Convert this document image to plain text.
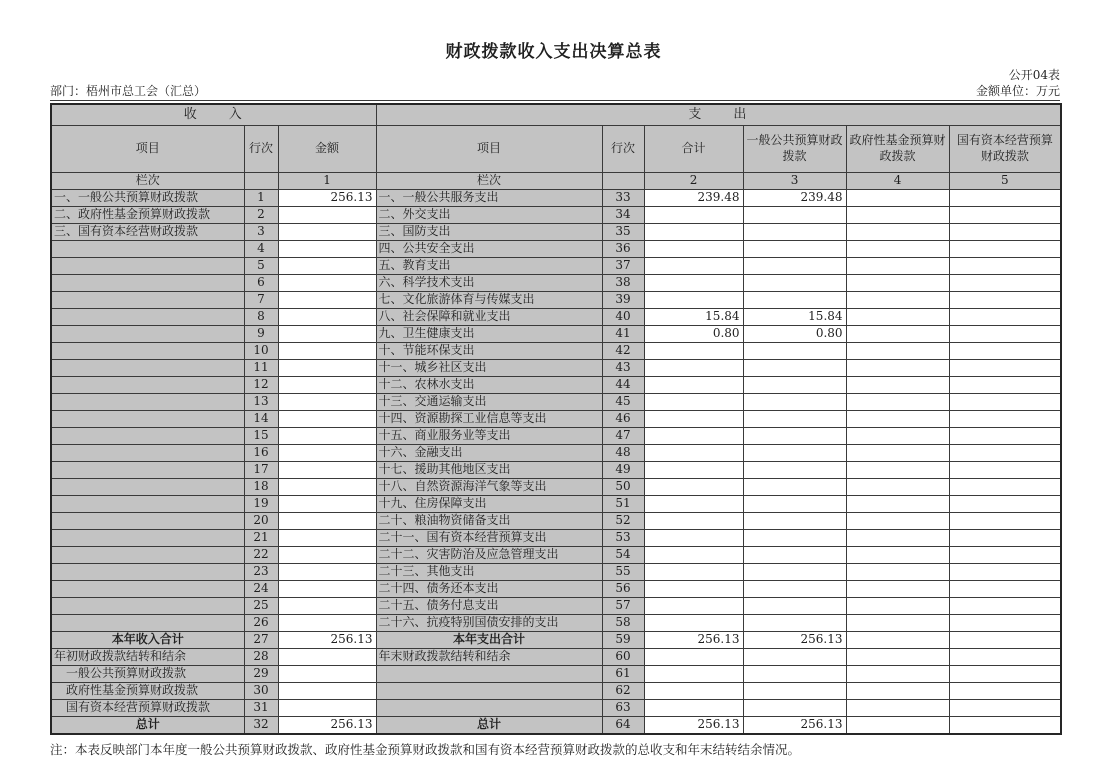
财政拨款收入支出决算总表
公开04表
部门：梧州市总工会（汇总）	金额单位：万元
收　　入			支　　出					
项目	行次	金额	项目	行次	合计	一般公共预算财政拨款	政府性基金预算财政拨款	国有资本经营预算财政拨款
栏次		1	栏次		2	3	4	5
一、一般公共预算财政拨款	1	256.13	一、一般公共服务支出	33	239.48	239.48		
二、政府性基金预算财政拨款	2		二、外交支出	34				
三、国有资本经营财政拨款	3		三、国防支出	35				
	4		四、公共安全支出	36				
	5		五、教育支出	37				
	6		六、科学技术支出	38				
	7		七、文化旅游体育与传媒支出	39				
	8		八、社会保障和就业支出	40	15.84	15.84		
	9		九、卫生健康支出	41	0.80	0.80		
	10		十、节能环保支出	42				
	11		十一、城乡社区支出	43				
	12		十二、农林水支出	44				
	13		十三、交通运输支出	45				
	14		十四、资源勘探工业信息等支出	46				
	15		十五、商业服务业等支出	47				
	16		十六、金融支出	48				
	17		十七、援助其他地区支出	49				
	18		十八、自然资源海洋气象等支出	50				
	19		十九、住房保障支出	51				
	20		二十、粮油物资储备支出	52				
	21		二十一、国有资本经营预算支出	53				
	22		二十二、灾害防治及应急管理支出	54				
	23		二十三、其他支出	55				
	24		二十四、债务还本支出	56				
	25		二十五、债务付息支出	57				
	26		二十六、抗疫特别国债安排的支出	58				
本年收入合计	27	256.13	本年支出合计	59	256.13	256.13		
年初财政拨款结转和结余	28		年末财政拨款结转和结余	60				
　一般公共预算财政拨款	29			61				
　政府性基金预算财政拨款	30			62				
　国有资本经营预算财政拨款	31			63				
总计	32	256.13	总计	64	256.13	256.13		
注：本表反映部门本年度一般公共预算财政拨款、政府性基金预算财政拨款和国有资本经营预算财政拨款的总收支和年末结转结余情况。
